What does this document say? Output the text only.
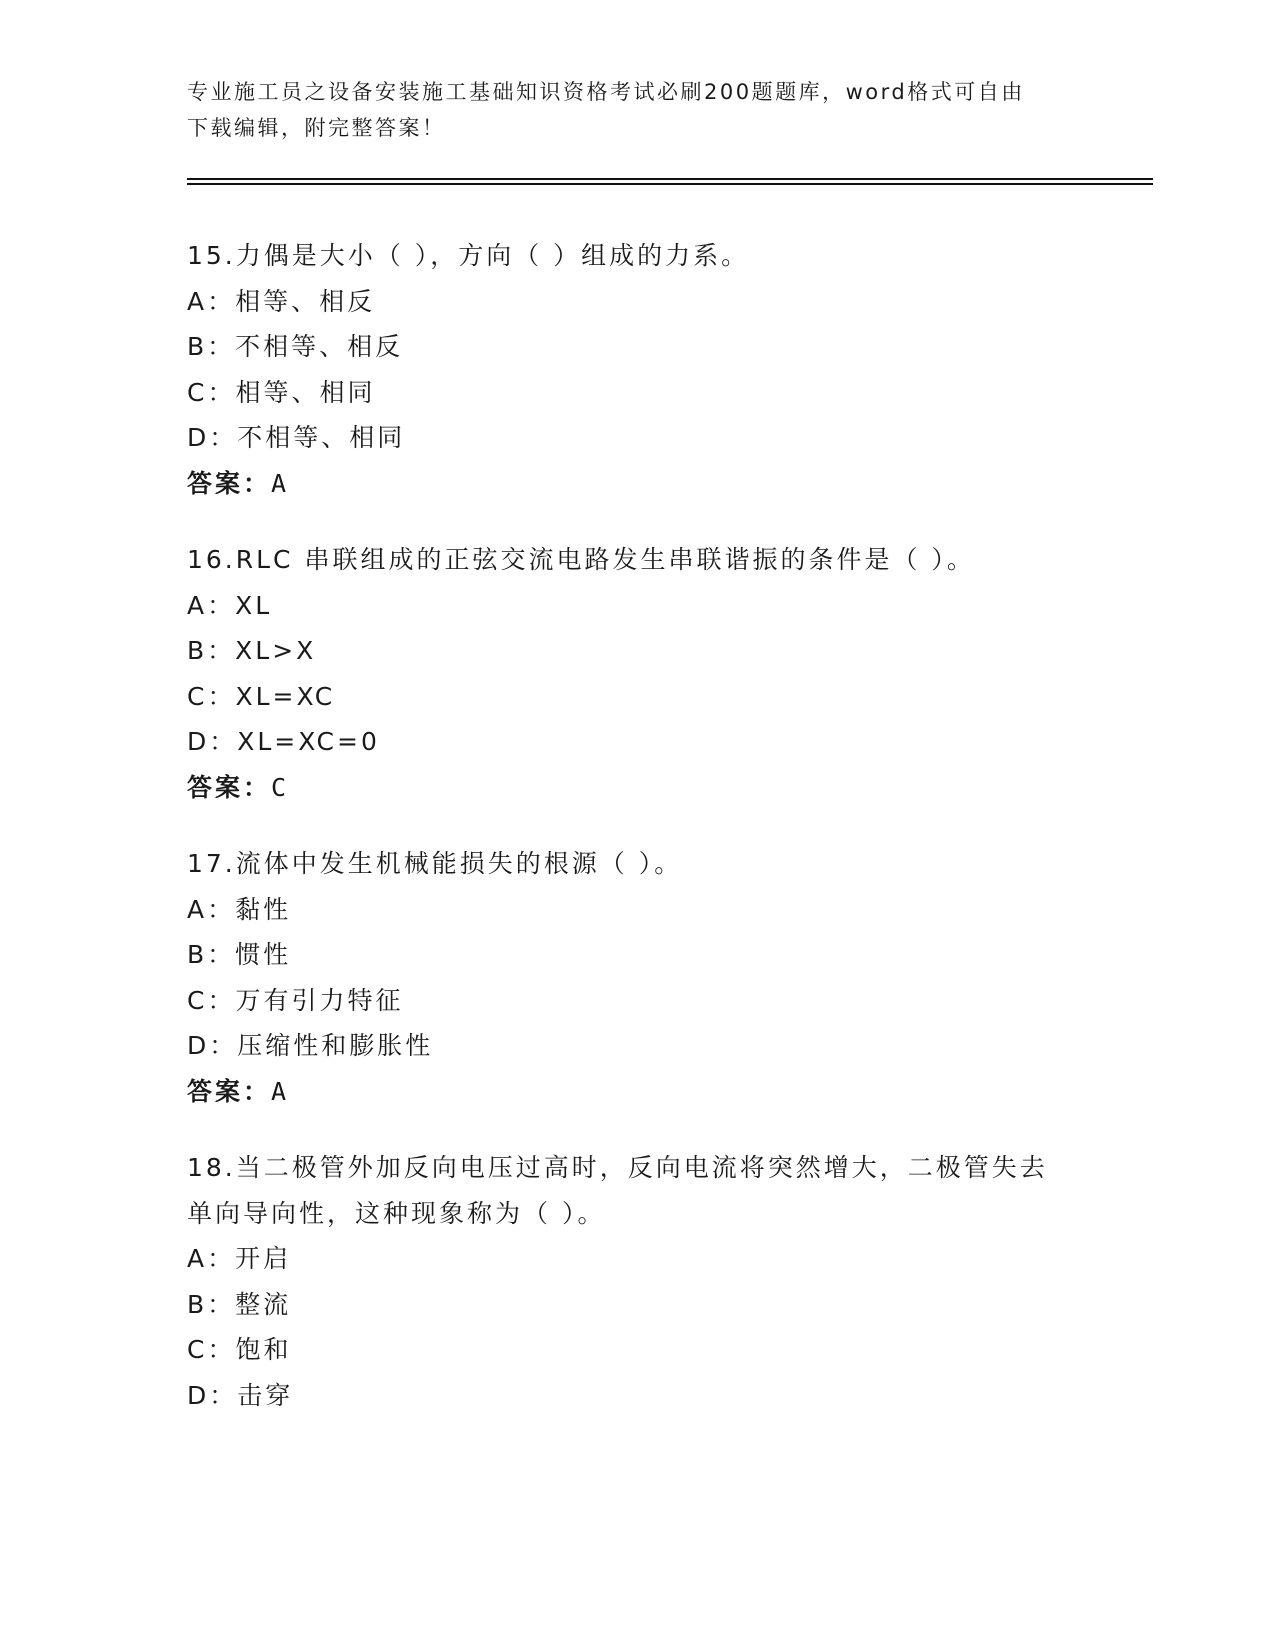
专业施工员之设备安装施工基础知识资格考试必刷200题题库，word格式可自由
下载编辑，附完整答案！
15.力偶是大小（ ），方向（ ）组成的力系。
A：相等、相反
B：不相等、相反
C：相等、相同
D：不相等、相同
答案：A
16.RLC 串联组成的正弦交流电路发生串联谐振的条件是（ ）。
A：XL
B：XL>X
C：XL=XC
D：XL=XC=0
答案：C
17.流体中发生机械能损失的根源（ ）。
A：黏性
B：惯性
C：万有引力特征
D：压缩性和膨胀性
答案：A
18.当二极管外加反向电压过高时，反向电流将突然增大，二极管失去
单向导向性，这种现象称为（ ）。
A：开启
B：整流
C：饱和
D：击穿
